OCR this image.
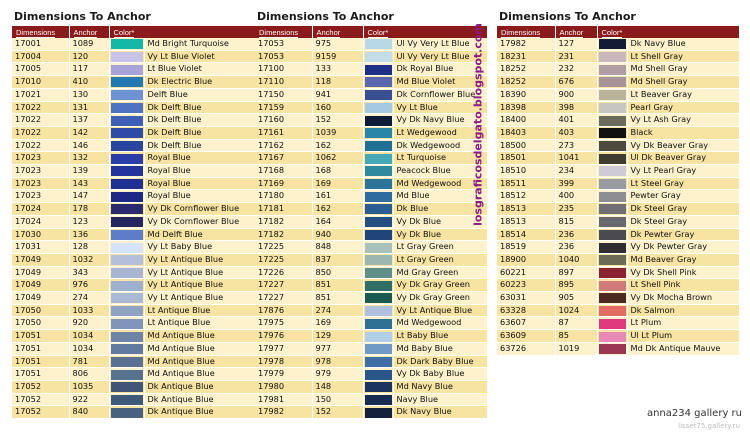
Dimensions To Anchor
Dimensions	Anchor	Color*	
17001	1089		Md Bright Turquoise
17004	120		Vy Lt Blue Violet
17005	117		Lt Blue Violet
17010	410		Dk Electric Blue
17021	130		Delft Blue
17022	131		Dk Delft Blue
17022	137		Dk Delft Blue
17022	142		Dk Delft Blue
17022	146		Dk Delft Blue
17023	132		Royal Blue
17023	139		Royal Blue
17023	143		Royal Blue
17023	147		Royal Blue
17024	178		Vy Dk Cornflower Blue
17024	123		Vy Dk Cornflower Blue
17030	136		Md Delft Blue
17031	128		Vy Lt Baby Blue
17049	1032		Vy Lt Antique Blue
17049	343		Vy Lt Antique Blue
17049	976		Vy Lt Antique Blue
17049	274		Vy Lt Antique Blue
17050	1033		Lt Antique Blue
17050	920		Lt Antique Blue
17051	1034		Md Antique Blue
17051	1034		Md Antique Blue
17051	781		Md Antique Blue
17051	806		Md Antique Blue
17052	1035		Dk Antique Blue
17052	922		Dk Antique Blue
17052	840		Dk Antique Blue
Dimensions To Anchor
Dimensions	Anchor	Color*	
17053	975		Ul Vy Very Lt Blue
17053	9159		Ul Vy Very Lt Blue
17100	133		Dk Royal Blue
17110	118		Md Blue Violet
17150	941		Dk Cornflower Blue
17159	160		Vy Lt Blue
17160	152		Vy Dk Navy Blue
17161	1039		Lt Wedgewood
17162	162		Dk Wedgewood
17167	1062		Lt Turquoise
17168	168		Peacock Blue
17169	169		Md Wedgewood
17180	161		Md Blue
17181	162		Dk Blue
17182	164		Vy Dk Blue
17182	940		Vy Dk Blue
17225	848		Lt Gray Green
17225	837		Lt Gray Green
17226	850		Md Gray Green
17227	851		Vy Dk Gray Green
17227	851		Vy Dk Gray Green
17876	274		Vy Lt Antique Blue
17975	169		Md Wedgewood
17976	129		Lt Baby Blue
17977	977		Md Baby Blue
17978	978		Dk Dark Baby Blue
17979	979		Vy Dk Baby Blue
17980	148		Md Navy Blue
17981	150		Navy Blue
17982	152		Dk Navy Blue
Dimensions To Anchor
Dimensions	Anchor	Color*	
17982	127		Dk Navy Blue
18231	231		Lt Shell Gray
18252	232		Md Shell Gray
18252	676		Md Shell Gray
18390	900		Lt Beaver Gray
18398	398		Pearl Gray
18400	401		Vy Lt Ash Gray
18403	403		Black
18500	273		Vy Dk Beaver Gray
18501	1041		Ul Dk Beaver Gray
18510	234		Vy Lt Pearl Gray
18511	399		Lt Steel Gray
18512	400		Pewter Gray
18513	235		Dk Steel Gray
18513	815		Dk Steel Gray
18514	236		Dk Pewter Gray
18519	236		Vy Dk Pewter Gray
18900	1040		Md Beaver Gray
60221	897		Vy Dk Shell Pink
60223	895		Lt Shell Pink
63031	905		Vy Dk Mocha Brown
63328	1024		Dk Salmon
63607	87		Lt Plum
63609	85		Ul Lt Plum
63726	1019		Md Dk Antique Mauve
losgraficosdelgato.blogspot.com
anna234 gallery ru
lisset75.gallery.ru
